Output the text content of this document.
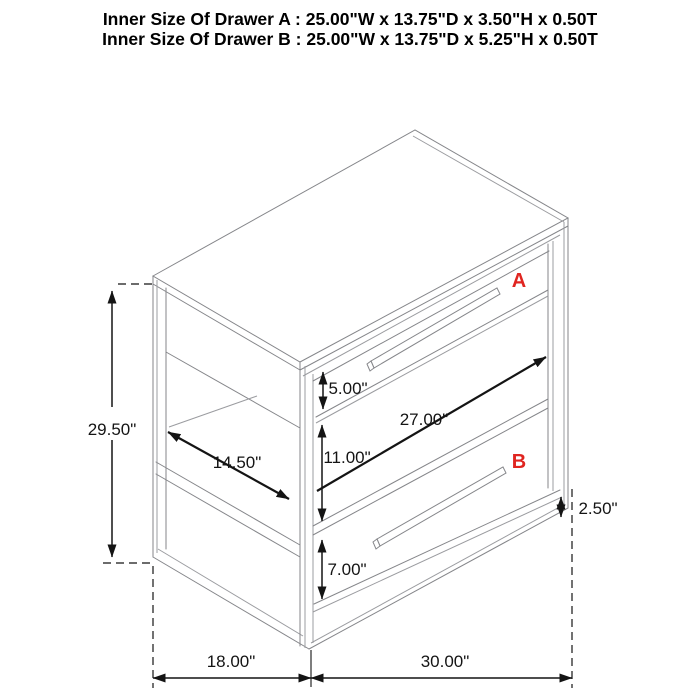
Inner Size Of Drawer A : 25.00"W x 13.75"D x 3.50"H x 0.50T
Inner Size Of Drawer B : 25.00"W x 13.75"D x 5.25"H x 0.50T
29.50"
14.50"
27.00"
5.00"
11.00"
7.00"
2.50"
18.00"	30.00"
A
B
